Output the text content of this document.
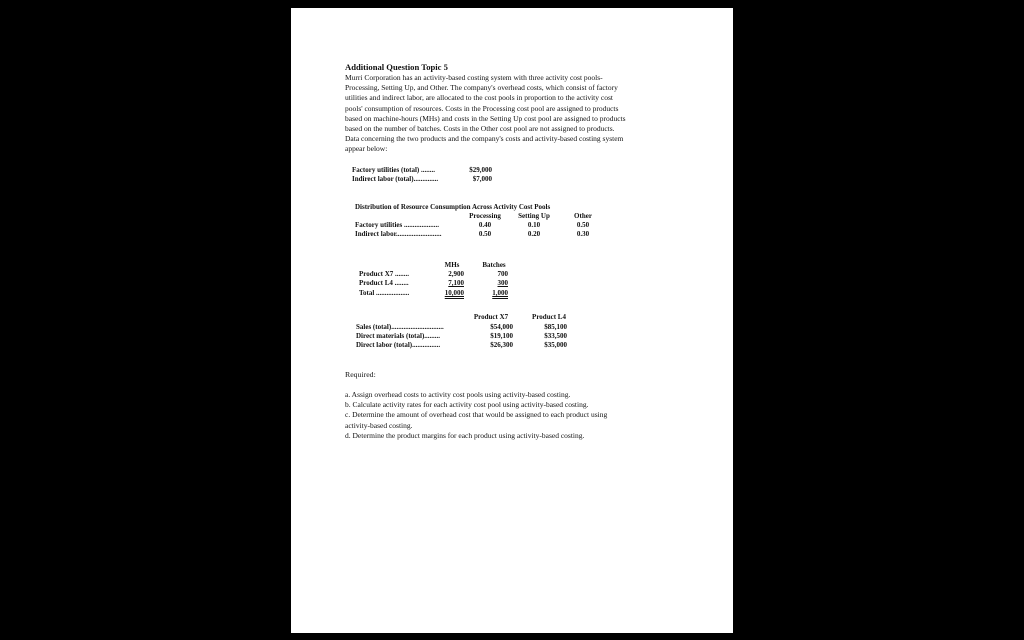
Additional Question Topic 5
Murri Corporation has an activity-based costing system with three activity cost pools-
Processing, Setting Up, and Other. The company's overhead costs, which consist of factory
utilities and indirect labor, are allocated to the cost pools in proportion to the activity cost
pools' consumption of resources. Costs in the Processing cost pool are assigned to products
based on machine-hours (MHs) and costs in the Setting Up cost pool are assigned to products
based on the number of batches. Costs in the Other cost pool are not assigned to products.
Data concerning the two products and the company's costs and activity-based costing system
appear below:
Factory utilities (total) ........	$29,000
Indirect labor (total)..............	$7,000
Distribution of Resource Consumption Across Activity Cost Pools
Processing	Setting Up	Other
Factory utilities ....................	0.40	0.10	0.50
Indirect labor..........................	0.50	0.20	0.30
MHs	Batches
Product X7 ........	2,900	700
Product L4 ........	7,100	300
Total ...................	10,000	1,000
Product X7	Product L4
Sales (total)..............................	$54,000	$85,100
Direct materials (total).........	$19,100	$33,500
Direct labor (total)................	$26,300	$35,000
Required:
a. Assign overhead costs to activity cost pools using activity-based costing.
b. Calculate activity rates for each activity cost pool using activity-based costing.
c. Determine the amount of overhead cost that would be assigned to each product using
activity-based costing.
d. Determine the product margins for each product using activity-based costing.
